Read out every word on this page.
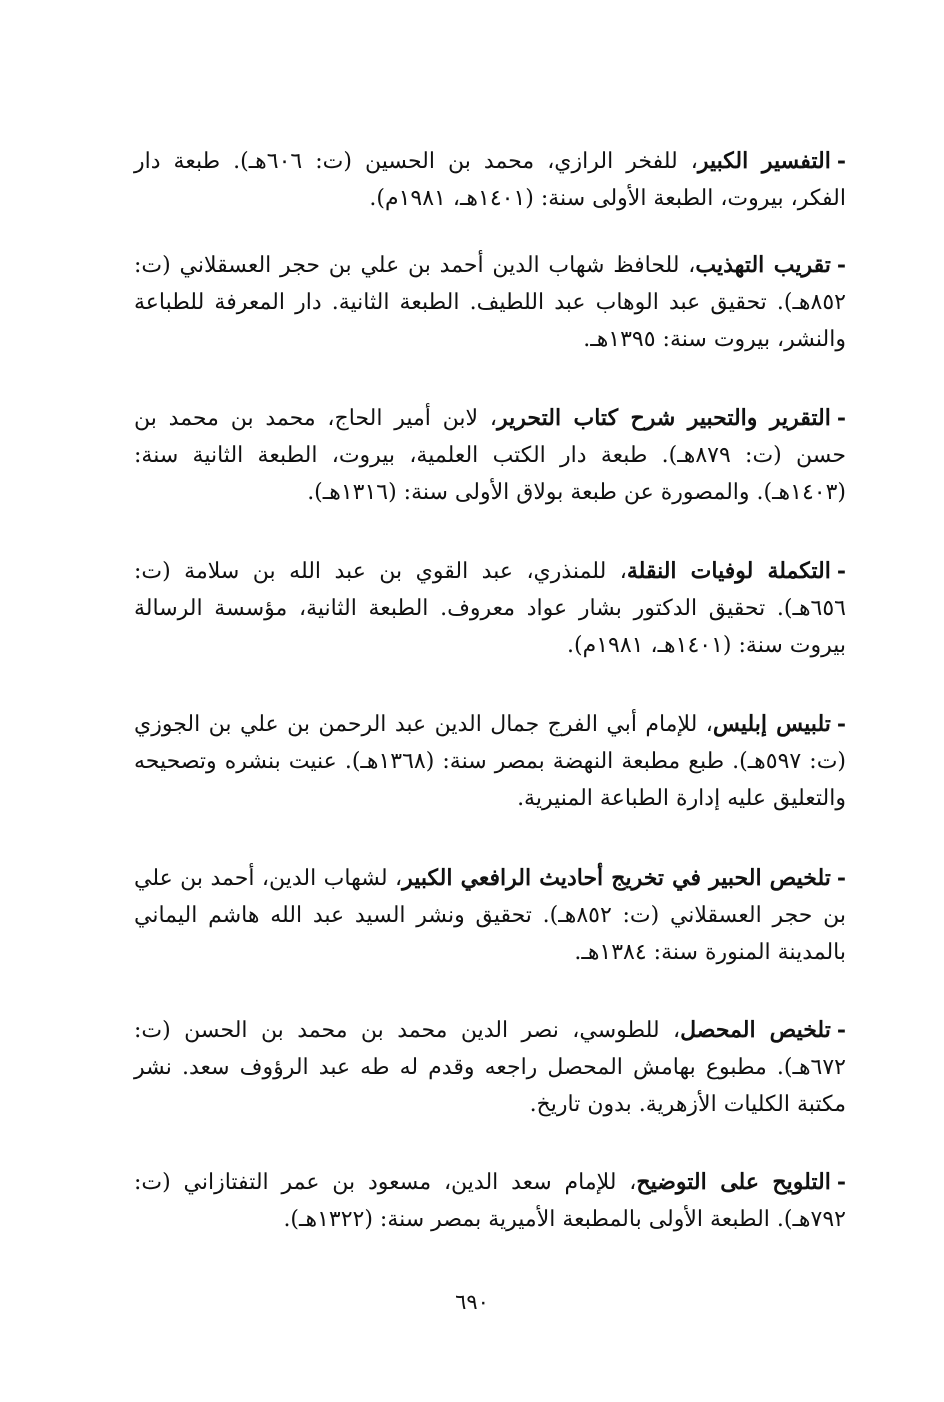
-التفسير الكبير، للفخر الرازي، محمد بن الحسين (ت: ٦٠٦هـ). طبعة دار الفكر، بيروت، الطبعة الأولى سنة: (١٤٠١هـ، ١٩٨١م).

-تقريب التهذيب، للحافظ شهاب الدين أحمد بن علي بن حجر العسقلاني (ت: ٨٥٢هـ). تحقيق عبد الوهاب عبد اللطيف. الطبعة الثانية. دار المعرفة للطباعة والنشر، بيروت سنة: ١٣٩٥هـ.

-التقرير والتحبير شرح كتاب التحرير، لابن أمير الحاج، محمد بن محمد بن حسن (ت: ٨٧٩هـ). طبعة دار الكتب العلمية، بيروت، الطبعة الثانية سنة: (١٤٠٣هـ). والمصورة عن طبعة بولاق الأولى سنة: (١٣١٦هـ).

-التكملة لوفيات النقلة، للمنذري، عبد القوي بن عبد الله بن سلامة (ت: ٦٥٦هـ). تحقيق الدكتور بشار عواد معروف. الطبعة الثانية، مؤسسة الرسالة بيروت سنة: (١٤٠١هـ، ١٩٨١م).

-تلبيس إبليس، للإمام أبي الفرج جمال الدين عبد الرحمن بن علي بن الجوزي (ت: ٥٩٧هـ). طبع مطبعة النهضة بمصر سنة: (١٣٦٨هـ). عنيت بنشره وتصحيحه والتعليق عليه إدارة الطباعة المنيرية.

-تلخيص الحبير في تخريج أحاديث الرافعي الكبير، لشهاب الدين، أحمد بن علي بن حجر العسقلاني (ت: ٨٥٢هـ). تحقيق ونشر السيد عبد الله هاشم اليماني بالمدينة المنورة سنة: ١٣٨٤هـ.

-تلخيص المحصل، للطوسي، نصر الدين محمد بن محمد بن الحسن (ت: ٦٧٢هـ). مطبوع بهامش المحصل راجعه وقدم له طه عبد الرؤوف سعد. نشر مكتبة الكليات الأزهرية. بدون تاريخ.

-التلويح على التوضيح، للإمام سعد الدين، مسعود بن عمر التفتازاني (ت: ٧٩٢هـ). الطبعة الأولى بالمطبعة الأميرية بمصر سنة: (١٣٢٢هـ).

٦٩٠
